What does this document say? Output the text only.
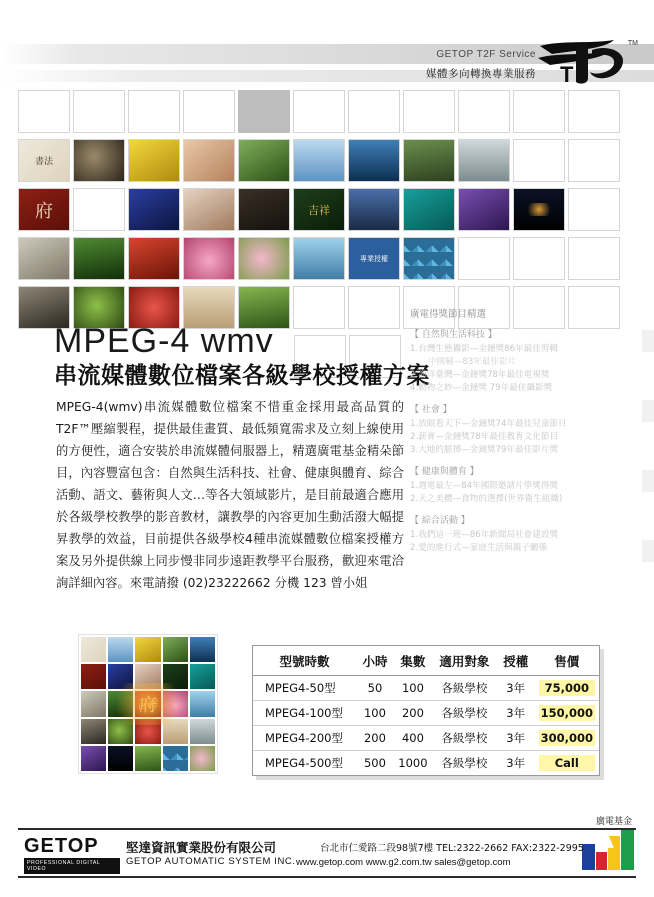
GETOP T2F Service
媒體多向轉換專業服務 T
TM
書法
府
吉祥
專業授權
MPEG-4 wmv
串流媒體數位檔案各級學校授權方案
MPEG-4(wmv)串流媒體數位檔案不惜重金採用最高品質的 T2F™壓縮製程，提供最佳畫質、最低頻寬需求及立刻上線使用的方便性，適合安裝於串流媒體伺服器上，精選廣電基金精朵節目，內容豐富包含：自然與生活科技、社會、健康與體育、綜合活動、語文、藝術與人文…等各大領域影片，是目前最適合應用於各級學校教學的影音教材，讓教學的內容更加生動活潑大幅提昇教學的效益，目前提供各級學校4種串流媒體數位檔案授權方案及另外提供線上同步慢非同步遠距教學平台服務，歡迎來電洽詢詳細內容。來電請撥 (02)23222662 分機 123 曾小姐
廣電得獎節目精選
【 自然與生活科技 】
1.台灣生態攝影—金鐘獎86年最佳剪輯
中國韃—83年最佳影片
2.海洋臺灣—金鐘獎78年最佳電視獎
4.動物之妙—金鐘獎 79年最佳攝影獎
【 社會 】
1.放眼看天下—金鐘獎74年最佳兒童節目
2.薪膏—金鐘獎78年最佳教育文化節目
3.大地的脈搏—金鐘獎79年最佳影片獎
【 健康與體育 】
1.週電最左—84年國際邀請片學獎得獎
2.天之美體—食物的選擇(世界衛生組織)
【 綜合活動 】
1.我們這一班—86年新聞局社會建設獎
2.愛的進行式—家庭生活與親子關係
書法
府
吉祥
型號時數	小時	集數	適用對象	授權	售價
MPEG4-50型	50	100	各級學校	3年	75,000

MPEG4-100型	100	200	各級學校	3年	150,000

MPEG4-200型	200	400	各級學校	3年	300,000

MPEG4-500型	500	1000	各級學校	3年	Call
廣電基金
GETOP
PROFESSIONAL DIGITAL VIDEO
堅達資訊實業股份有限公司
GETOP AUTOMATIC SYSTEM INC.
台北市仁愛路二段98號7樓 TEL:2322-2662 FAX:2322-2995
www.getop.com www.g2.com.tw sales@getop.com
